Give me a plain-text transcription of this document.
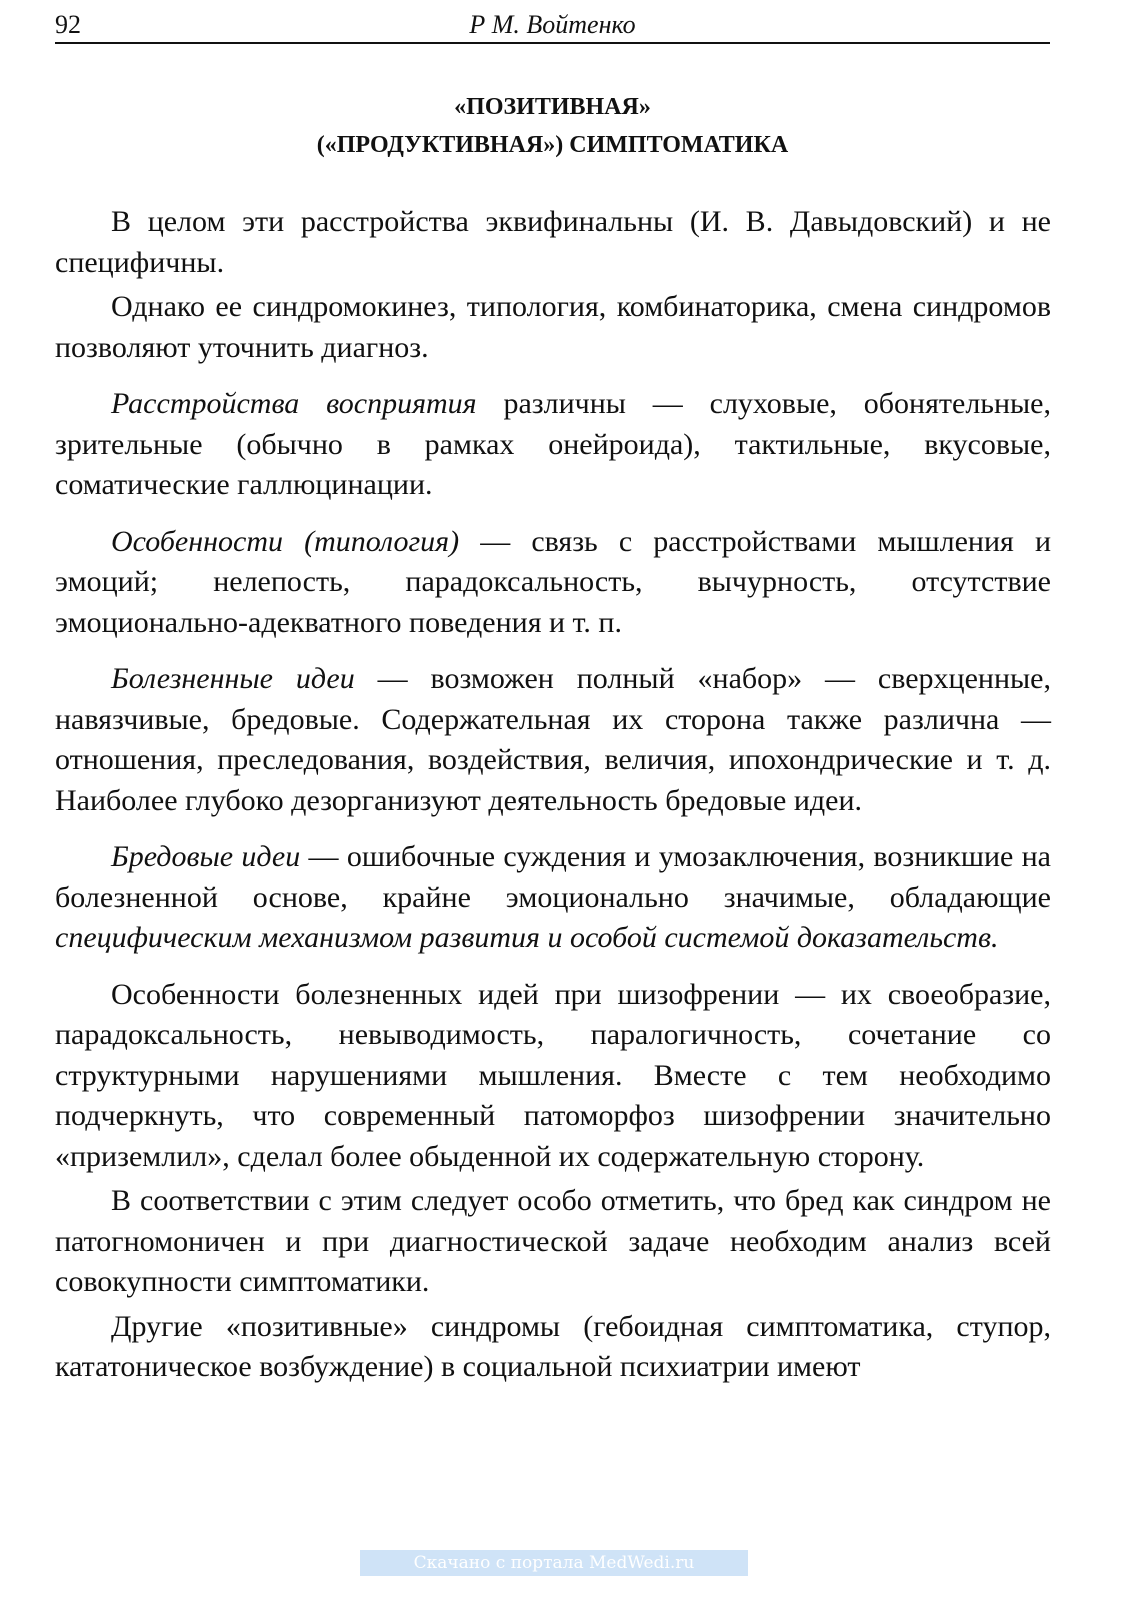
92	Р М. Войтенко
«ПОЗИТИВНАЯ»
(«ПРОДУКТИВНАЯ») СИМПТОМАТИКА

В целом эти расстройства эквифинальны (И. В. Давыдовский) и не специфичны.

Однако ее синдромокинез, типология, комбинаторика, смена синдромов позволяют уточнить диагноз.

Расстройства восприятия различны — слуховые, обонятельные, зрительные (обычно в рамках онейроида), тактильные, вкусовые, соматические галлюцинации.

Особенности (типология) — связь с расстройствами мышления и эмоций; нелепость, парадоксальность, вычурность, отсутствие эмоционально-адекватного поведения и т. п.

Болезненные идеи — возможен полный «набор» — сверхценные, навязчивые, бредовые. Содержательная их сторона также различна — отношения, преследования, воздействия, величия, ипохондрические и т. д. Наиболее глубоко дезорганизуют деятельность бредовые идеи.

Бредовые идеи — ошибочные суждения и умозаключения, возникшие на болезненной основе, крайне эмоционально значимые, обладающие специфическим механизмом развития и особой системой доказательств.

Особенности болезненных идей при шизофрении — их своеобразие, парадоксальность, невыводимость, паралогичность, сочетание со структурными нарушениями мышления. Вместе с тем необходимо подчеркнуть, что современный патоморфоз шизофрении значительно «приземлил», сделал более обыденной их содержательную сторону.

В соответствии с этим следует особо отметить, что бред как синдром не патогномоничен и при диагностической задаче необходим анализ всей совокупности симптоматики.

Другие «позитивные» синдромы (гебоидная симптоматика, ступор, кататоническое возбуждение) в социальной психиатрии имеют

Скачано с портала MedWedi.ru
